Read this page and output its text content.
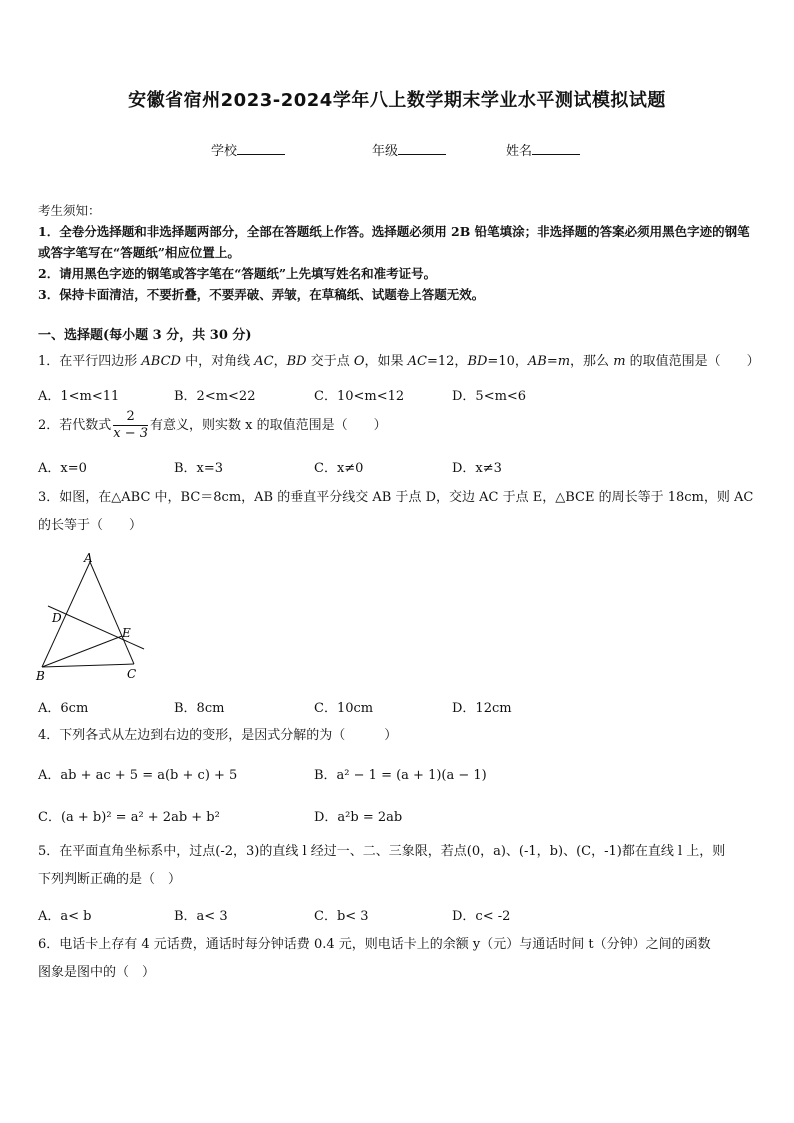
安徽省宿州2023-2024学年八上数学期末学业水平测试模拟试题
学校	年级	姓名
考生须知：
1．全卷分选择题和非选择题两部分，全部在答题纸上作答。选择题必须用 2B 铅笔填涂；非选择题的答案必须用黑色字迹的钢笔或答字笔写在“答题纸”相应位置上。
2．请用黑色字迹的钢笔或答字笔在“答题纸”上先填写姓名和准考证号。
3．保持卡面清洁，不要折叠，不要弄破、弄皱，在草稿纸、试题卷上答题无效。
一、选择题(每小题 3 分，共 30 分)
1．在平行四边形 ABCD 中，对角线 AC，BD 交于点 O，如果 AC=12，BD=10，AB=m，那么 m 的取值范围是（　　）
A．1<m<11	B．2<m<22	C．10<m<12	D．5<m<6
2．若代数式 $\frac{2}{x - 3}$ 有意义，则实数 x 的取值范围是（　　）
A．x=0	B．x=3	C．x≠0	D．x≠3
3．如图，在△ABC 中，BC＝8cm，AB 的垂直平分线交 AB 于点 D，交边 AC 于点 E，△BCE 的周长等于 18cm，则 AC
的长等于（　　）
A
B	C
D
E
A．6cm	B．8cm	C．10cm	D．12cm
4．下列各式从左边到右边的变形，是因式分解的为（　　　）
A．ab + ac + 5 = a(b + c) + 5	B．a² − 1 = (a + 1)(a − 1)
C．(a + b)² = a² + 2ab + b²	D．a²b = 2ab
5．在平面直角坐标系中，过点(-2，3)的直线 l 经过一、二、三象限，若点(0，a)、(-1，b)、(C，-1)都在直线 l 上，则
下列判断正确的是（　）
A．a< b	B．a< 3	C．b< 3	D．c< -2
6．电话卡上存有 4 元话费，通话时每分钟话费 0.4 元，则电话卡上的余额 y（元）与通话时间 t（分钟）之间的函数
图象是图中的（　）
